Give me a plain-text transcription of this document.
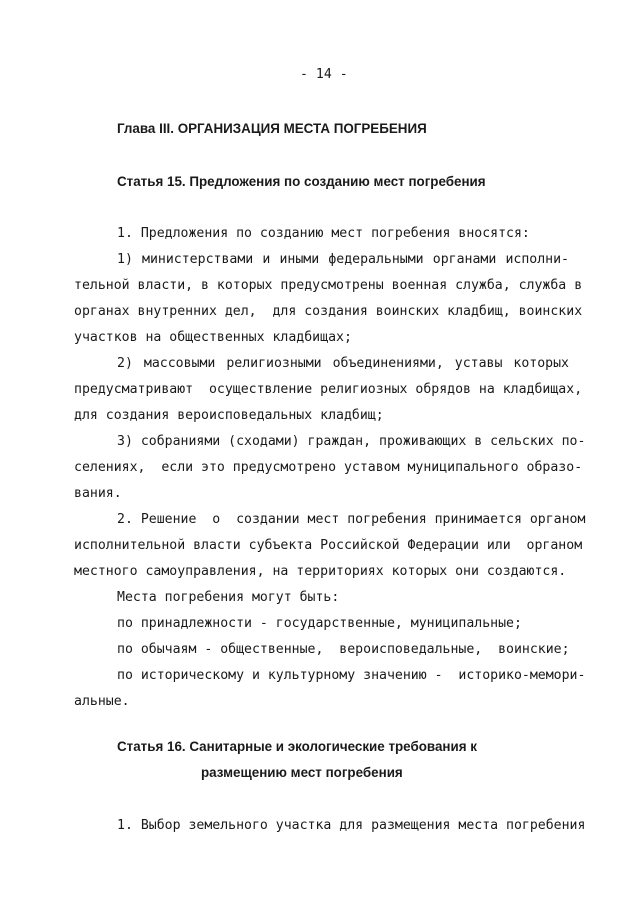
- 14 -
Глава III. ОРГАНИЗАЦИЯ МЕСТА ПОГРЕБЕНИЯ
Статья 15. Предложения по созданию мест погребения
1. Предложения по созданию мест погребения вносятся:
1) министерствами и иными федеральными органами исполни-
тельной власти, в которых предусмотрены военная служба, служба в
органах внутренних дел,  для создания воинских кладбищ, воинских
участков на общественных кладбищах;
2) массовыми религиозными объединениями, уставы которых
предусматривают  осуществление религиозных обрядов на кладбищах,
для создания вероисповедальных кладбищ;
3) собраниями (сходами) граждан, проживающих в сельских по-
селениях,  если это предусмотрено уставом муниципального образо-
вания.
2. Решение  о  создании мест погребения принимается органом
исполнительной власти субъекта Российской Федерации или  органом
местного самоуправления, на территориях которых они создаются.
Места погребения могут быть:
по принадлежности - государственные, муниципальные;
по обычаям - общественные,  вероисповедальные,  воинские;
по историческому и культурному значению -  историко-мемори-
альные.
Статья 16. Санитарные и экологические требования к
размещению мест погребения
1. Выбор земельного участка для размещения места погребения
